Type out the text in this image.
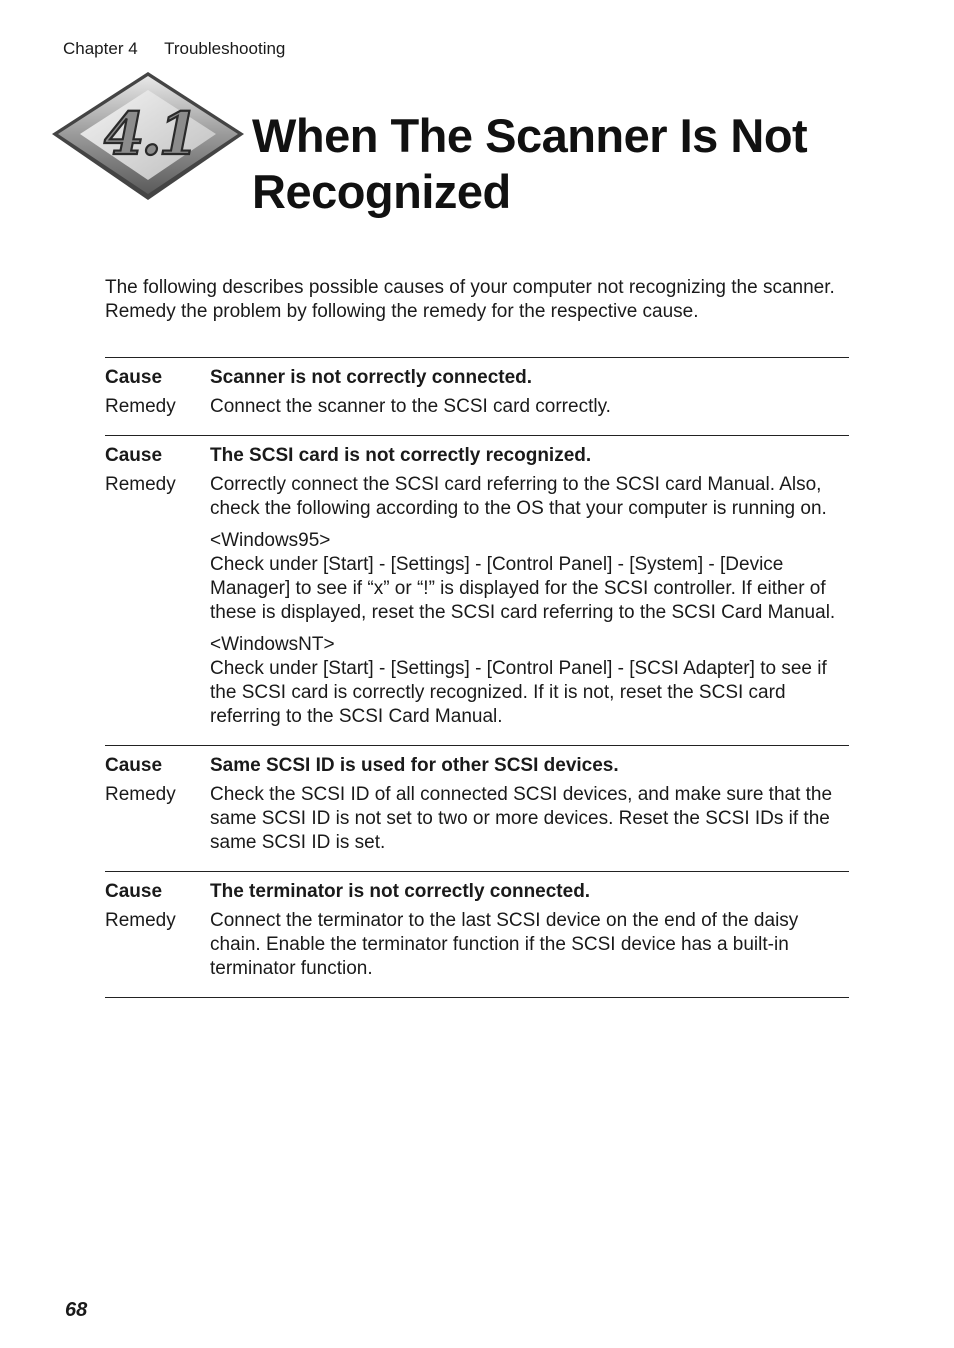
Chapter 4 Troubleshooting
4.1 When The Scanner Is Not Recognized

The following describes possible causes of your computer not recognizing the scanner. Remedy the problem by following the remedy for the respective cause.

Cause	Scanner is not correctly connected.
Remedy	Connect the scanner to the SCSI card correctly.
Cause	The SCSI card is not correctly recognized.
Remedy	Correctly connect the SCSI card referring to the SCSI card Manual. Also, check the following according to the OS that your computer is running on.
<Windows95>
Check under [Start] - [Settings] - [Control Panel] - [System] - [Device Manager] to see if “x” or “!” is displayed for the SCSI controller. If either of these is displayed, reset the SCSI card referring to the SCSI Card Manual.
<WindowsNT>
Check under [Start] - [Settings] - [Control Panel] - [SCSI Adapter] to see if the SCSI card is correctly recognized. If it is not, reset the SCSI card referring to the SCSI Card Manual.
Cause	Same SCSI ID is used for other SCSI devices.
Remedy	Check the SCSI ID of all connected SCSI devices, and make sure that the same SCSI ID is not set to two or more devices. Reset the SCSI IDs if the same SCSI ID is set.
Cause	The terminator is not correctly connected.
Remedy	Connect the terminator to the last SCSI device on the end of the daisy chain. Enable the terminator function if the SCSI device has a built-in terminator function.
68
